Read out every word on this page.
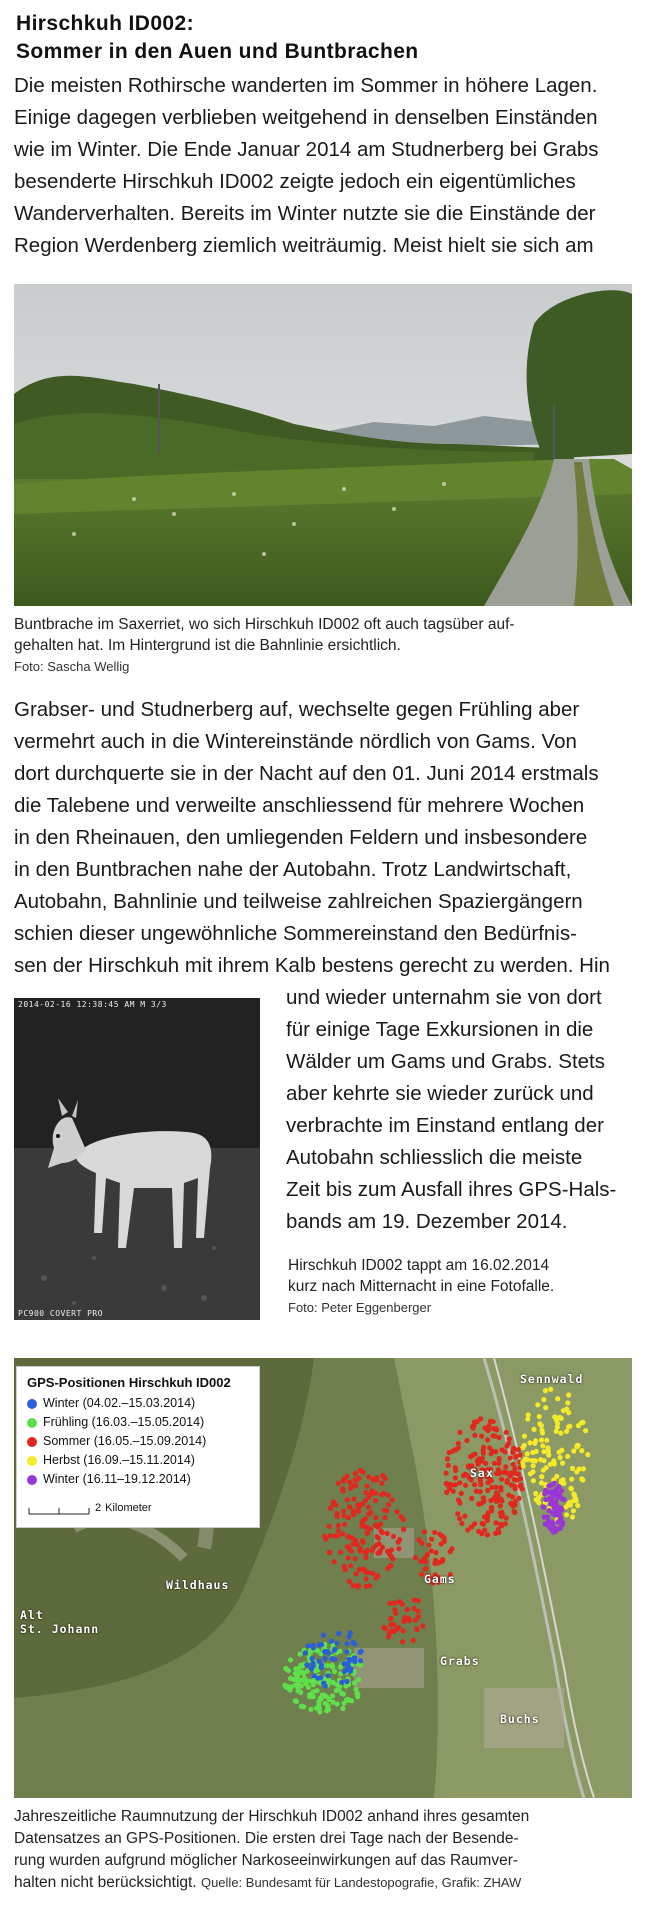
Hirschkuh ID002:
Sommer in den Auen und Buntbrachen
Die meisten Rothirsche wanderten im Sommer in höhere Lagen.
Einige dagegen verblieben weitgehend in denselben Einständen
wie im Winter. Die Ende Januar 2014 am Studnerberg bei Grabs
besenderte Hirschkuh ID002 zeigte jedoch ein eigentümliches
Wanderverhalten. Bereits im Winter nutzte sie die Einstände der
Region Werdenberg ziemlich weiträumig. Meist hielt sie sich am
Buntbrache im Saxerriet, wo sich Hirschkuh ID002 oft auch tagsüber auf-
gehalten hat. Im Hintergrund ist die Bahnlinie ersichtlich.
Foto: Sascha Wellig
Grabser- und Studnerberg auf, wechselte gegen Frühling aber
vermehrt auch in die Wintereinstände nördlich von Gams. Von
dort durchquerte sie in der Nacht auf den 01. Juni 2014 erstmals
die Talebene und verweilte anschliessend für mehrere Wochen
in den Rheinauen, den umliegenden Feldern und insbesondere
in den Buntbrachen nahe der Autobahn. Trotz Landwirtschaft,
Autobahn, Bahnlinie und teilweise zahlreichen Spaziergängern
schien dieser ungewöhnliche Sommereinstand den Bedürfnis-
sen der Hirschkuh mit ihrem Kalb bestens gerecht zu werden. Hin
2014-02-16 12:38:45 AM M 3/3
PC900 COVERT PRO
und wieder unternahm sie von dort
für einige Tage Exkursionen in die
Wälder um Gams und Grabs. Stets
aber kehrte sie wieder zurück und
verbrachte im Einstand entlang der
Autobahn schliesslich die meiste
Zeit bis zum Ausfall ihres GPS-Hals-
bands am 19. Dezember 2014.
Hirschkuh ID002 tappt am 16.02.2014
kurz nach Mitternacht in eine Fotofalle.
Foto: Peter Eggenberger
Sennwald
Sax
Gams
Wildhaus
Alt
St. Johann
Grabs
Buchs
GPS-Positionen Hirschkuh ID002
Winter (04.02.–15.03.2014)
Frühling (16.03.–15.05.2014)
Sommer (16.05.–15.09.2014)
Herbst (16.09.–15.11.2014)
Winter (16.11–19.12.2014)
2 Kilometer
Jahreszeitliche Raumnutzung der Hirschkuh ID002 anhand ihres gesamten
Datensatzes an GPS-Positionen. Die ersten drei Tage nach der Besende-
rung wurden aufgrund möglicher Narkoseeinwirkungen auf das Raumver-
halten nicht berücksichtigt. Quelle: Bundesamt für Landestopografie, Grafik: ZHAW
